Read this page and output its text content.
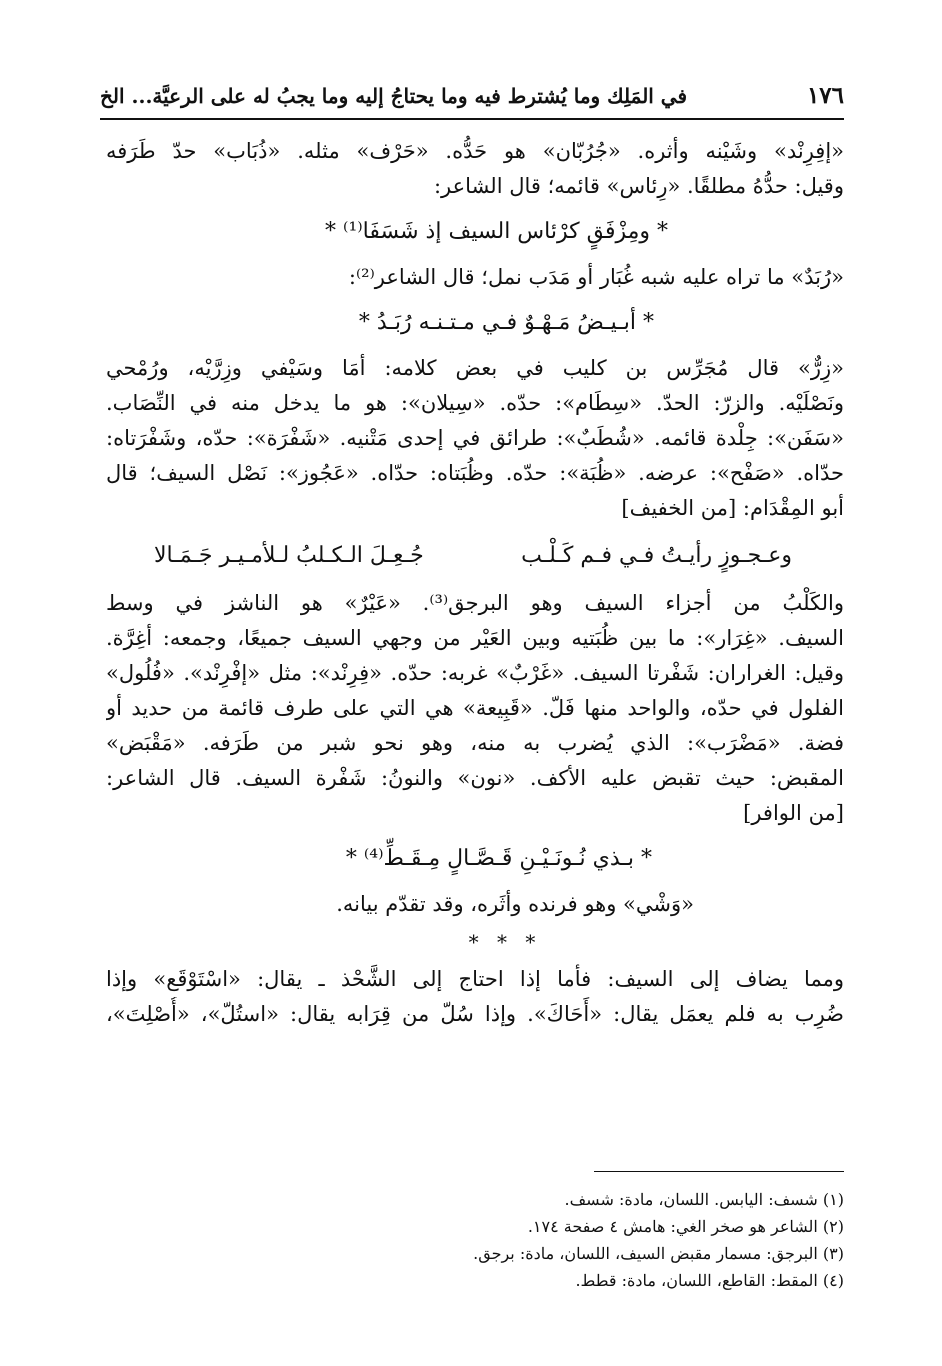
١٧٦
في المَلِك وما يُشترط فيه وما يحتاجُ إليه وما يجبُ له على الرعيَّة... الخ
«إفِرِنْد» وشَيْنه وأثره. «جُرُبّان» هو حَدُّه. «حَرْف» مثله. «ذُبَاب» حدّ طَرَفه
وقيل: حدُّهُ مطلقًا. «رِئاس» قائمه؛ قال الشاعر:
* ومِزْفَقٍ كرْئاس السيف إذ شَسَفَا⁽¹⁾ *
«رُبَدٌ» ما تراه عليه شبه غُبَار أو مَدَب نمل؛ قال الشاعر⁽²⁾:
* أبـيـضُ مَـهْـوٌ فـي مـتـنـه رُبَـدُ *
«زِرٌّ» قال مُجَرِّس بن كليب في بعض كلامه: أمَا وسَيْفي وزِرَّيْه، ورُمْحي
ونَصْلَيْه. والزرّ: الحدّ. «سِطَام»: حدّه. «سِيلان»: هو ما يدخل منه في النِّصَاب.
«سَفَن»: جِلْدة قائمه. «شُطَبٌ»: طرائق في إحدى مَتْنيه. «شَفْرَة»: حدّه، وشَفْرَتاه:
حدّاه. «صَفْح»: عرضه. «ظُبَة»: حدّه. وظُبَتاه: حدّاه. «عَجُوز»: نَصْل السيف؛ قال
أبو المِقْدَام: [من الخفيف]
وعـجـوزٍ رأيـتُ فـي فـم كَـلْـب
جُـعِـلَ الـكـلبُ لـلأمـيـر جَـمَـالا
والكَلْبُ من أجزاء السيف وهو البرجق⁽³⁾. «عَيْرٌ» هو الناشز في وسط
السيف. «غِرَار»: ما بين ظُبَتيه وبين العَيْر من وجهي السيف جميعًا، وجمعه: أغِرَّة.
وقيل: الغراران: شَفْرتا السيف. «غَرْبٌ» غربه: حدّه. «فِرِنْد»: مثل «إفْرِنْد». «فُلُول»
الفلول في حدّه، والواحد منها فَلّ. «قَبِيعة» هي التي على طرف قائمة من حديد أو
فضة. «مَضْرَب»: الذي يُضرب به منه، وهو نحو شبر من طَرَفه. «مَقْبَض»
المقبض: حيث تقبض عليه الأكف. «نون» والنونُ: شَفْرة السيف. قال الشاعر:
[من الوافر]
* بـذي نُـونَـيْـنِ قَـصَّـالٍ مِـقَـطِّ⁽⁴⁾ *
«وَشْي» وهو فرنده وأثَره، وقد تقدّم بيانه.
* * *
ومما يضاف إلى السيف: فأما إذا احتاج إلى الشَّحْذ ـ يقال: «اسْتَوْقَع» وإذا
ضُرِب به فلم يعمَل يقال: «أَحَاكَ». وإذا سُلّ من قِرَابه يقال: «استُلّ»، «أُصْلِتَ»،
(١) شسف: اليابس. اللسان، مادة: شسف.
(٢) الشاعر هو صخر الغي: هامش ٤ صفحة ١٧٤.
(٣) البرجق: مسمار مقبض السيف، اللسان، مادة: برجق.
(٤) المقط: القاطع، اللسان، مادة: قطط.
